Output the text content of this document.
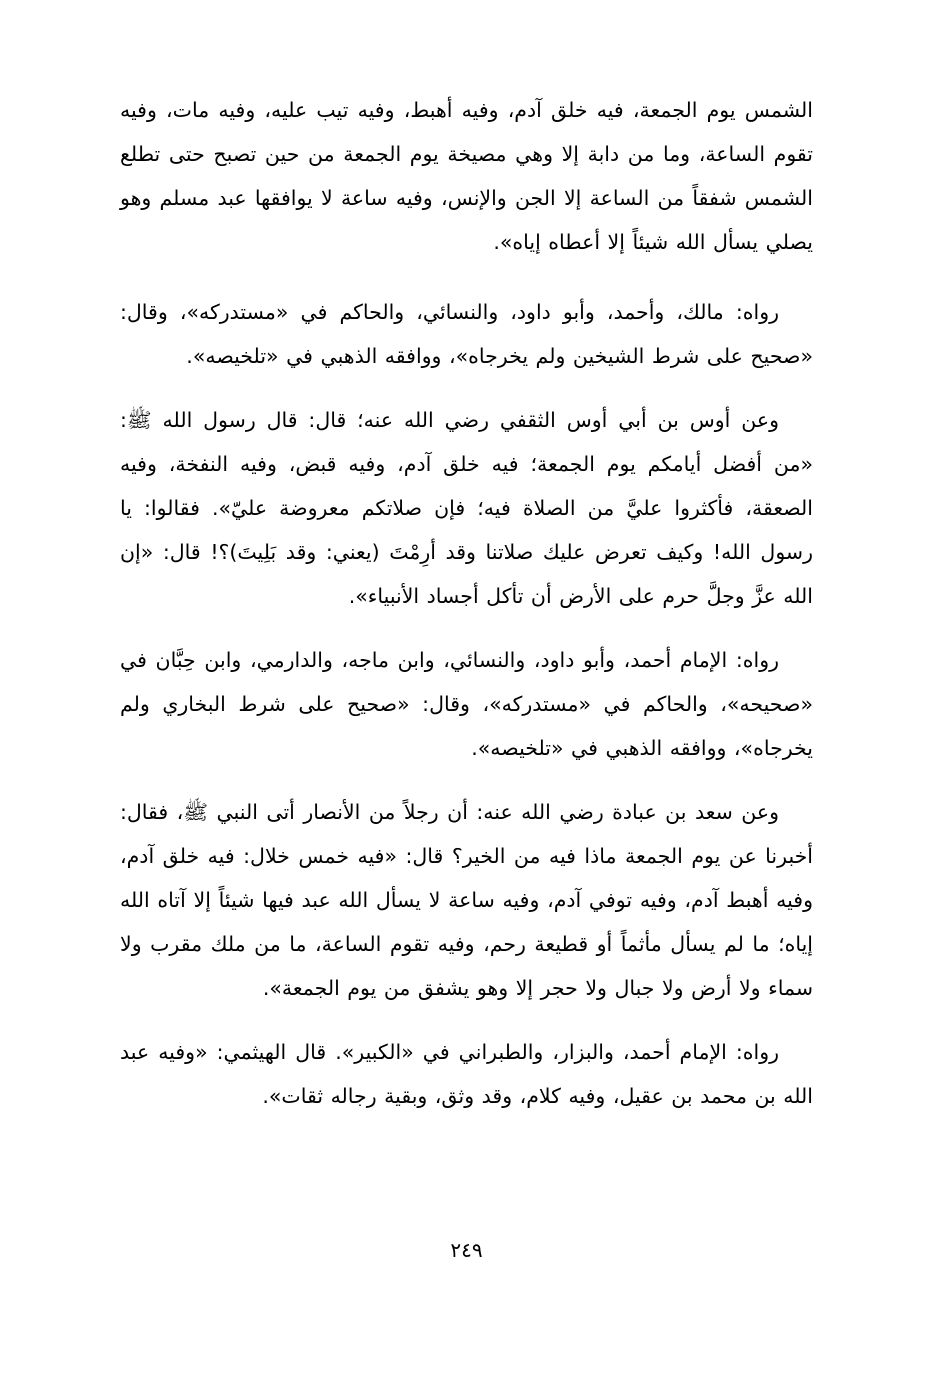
الشمس يوم الجمعة، فيه خلق آدم، وفيه أهبط، وفيه تيب عليه، وفيه مات، وفيه تقوم الساعة، وما من دابة إلا وهي مصيخة يوم الجمعة من حين تصبح حتى تطلع الشمس شفقاً من الساعة إلا الجن والإنس، وفيه ساعة لا يوافقها عبد مسلم وهو يصلي يسأل الله شيئاً إلا أعطاه إياه».

رواه: مالك، وأحمد، وأبو داود، والنسائي، والحاكم في «مستدركه»، وقال: «صحيح على شرط الشيخين ولم يخرجاه»، ووافقه الذهبي في «تلخيصه».

وعن أوس بن أبي أوس الثقفي رضي الله عنه؛ قال: قال رسول الله ﷺ: «من أفضل أيامكم يوم الجمعة؛ فيه خلق آدم، وفيه قبض، وفيه النفخة، وفيه الصعقة، فأكثروا عليَّ من الصلاة فيه؛ فإن صلاتكم معروضة عليّ». فقالوا: يا رسول الله! وكيف تعرض عليك صلاتنا وقد أرِمْتَ (يعني: وقد بَلِيتَ)؟! قال: «إن الله عزَّ وجلَّ حرم على الأرض أن تأكل أجساد الأنبياء».

رواه: الإمام أحمد، وأبو داود، والنسائي، وابن ماجه، والدارمي، وابن حِبَّان في «صحيحه»، والحاكم في «مستدركه»، وقال: «صحيح على شرط البخاري ولم يخرجاه»، ووافقه الذهبي في «تلخيصه».

وعن سعد بن عبادة رضي الله عنه: أن رجلاً من الأنصار أتى النبي ﷺ، فقال: أخبرنا عن يوم الجمعة ماذا فيه من الخير؟ قال: «فيه خمس خلال: فيه خلق آدم، وفيه أهبط آدم، وفيه توفي آدم، وفيه ساعة لا يسأل الله عبد فيها شيئاً إلا آتاه الله إياه؛ ما لم يسأل مأثماً أو قطيعة رحم، وفيه تقوم الساعة، ما من ملك مقرب ولا سماء ولا أرض ولا جبال ولا حجر إلا وهو يشفق من يوم الجمعة».

رواه: الإمام أحمد، والبزار، والطبراني في «الكبير». قال الهيثمي: «وفيه عبد الله بن محمد بن عقيل، وفيه كلام، وقد وثق، وبقية رجاله ثقات».

٢٤٩
